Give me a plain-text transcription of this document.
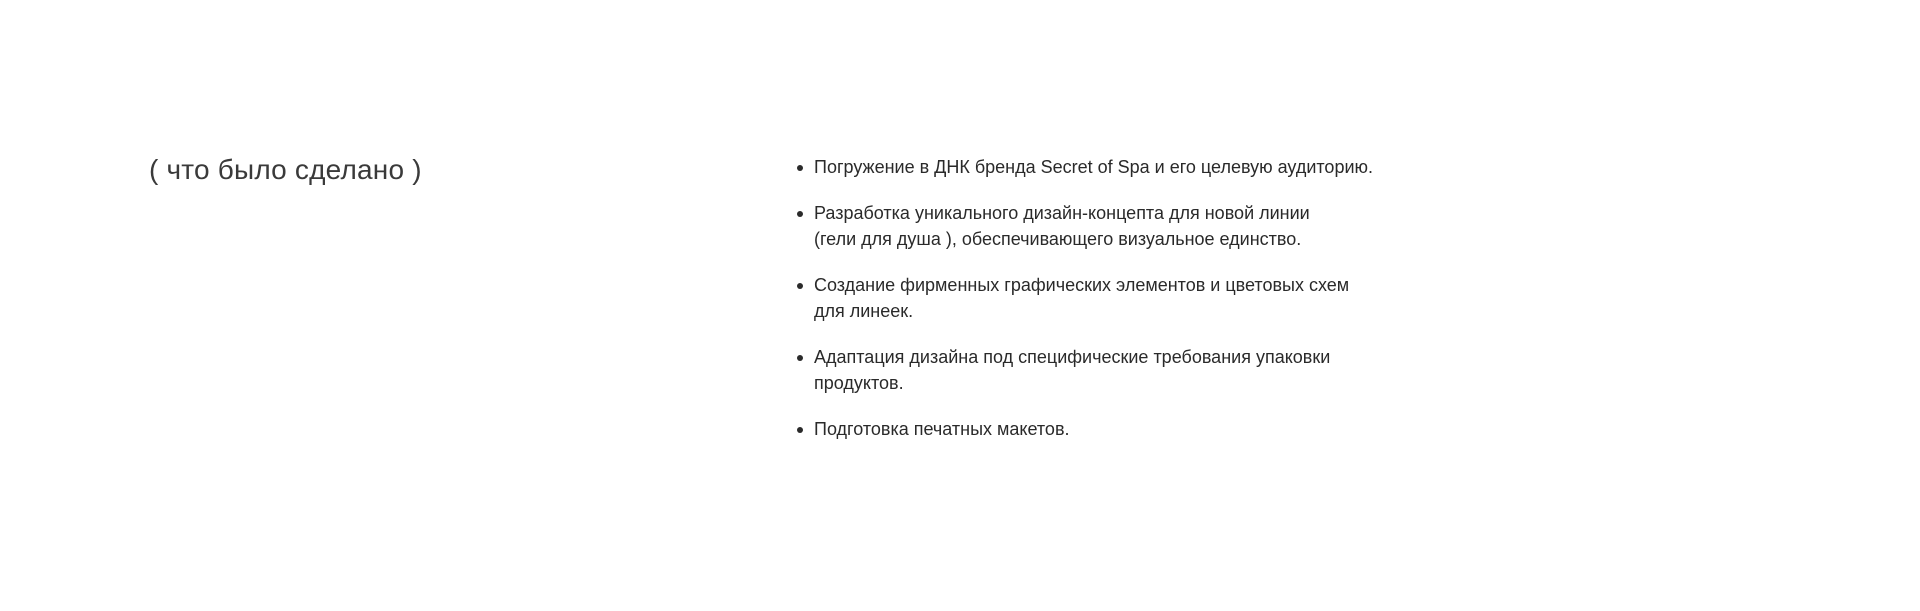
( что было сделано )	Погружение в ДНК бренда Secret of Spa и его целевую аудиторию.
Разработка уникального дизайн-концепта для новой линии
(гели для душа ), обеспечивающего визуальное единство.
Создание фирменных графических элементов и цветовых схем
для линеек.
Адаптация дизайна под специфические требования упаковки
продуктов.
Подготовка печатных макетов.
